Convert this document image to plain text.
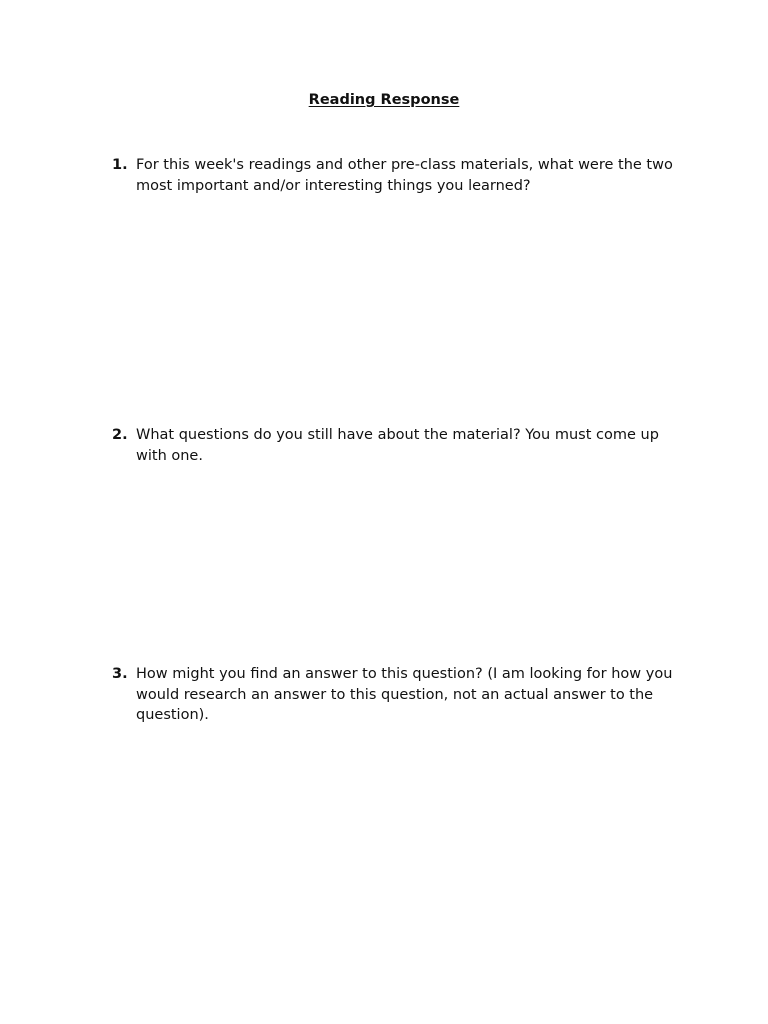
Reading Response
1. For this week's readings and other pre-class materials, what were the two most important and/or interesting things you learned?
2. What questions do you still have about the material? You must come up with one.
3. How might you find an answer to this question? (I am looking for how you would research an answer to this question, not an actual answer to the question).
